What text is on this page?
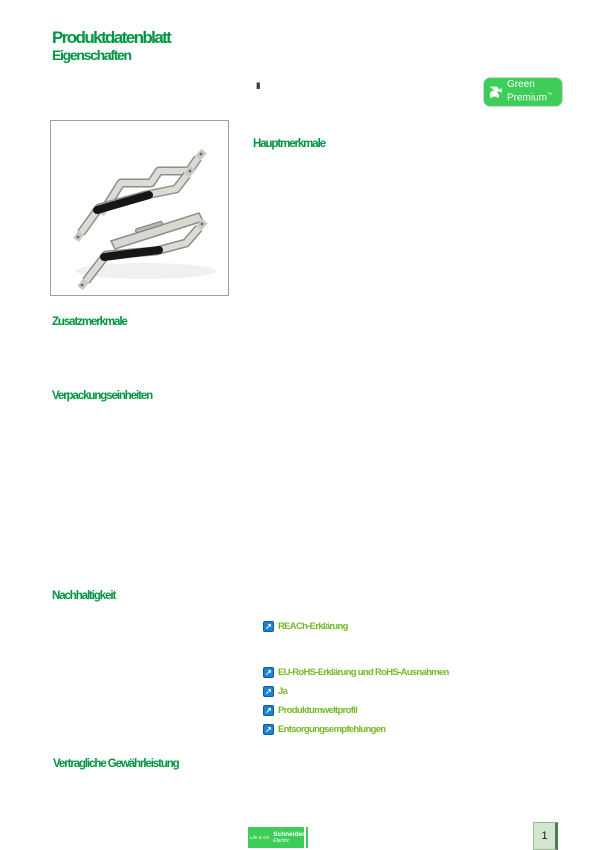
Produktdatenblatt
Eigenschaften
III	Green
Premium™
Hauptmerkmale
Zusatzmerkmale
Verpackungseinheiten
Nachhaltigkeit
Vertragliche Gewährleistung
↗ REACh-Erklärung
↗ EU-RoHS-Erklärung und RoHS-Ausnahmen
↗ Ja
↗ Produktumweltprofil
↗ Entsorgungsempfehlungen
Life Is On Schneider
Electric	1
